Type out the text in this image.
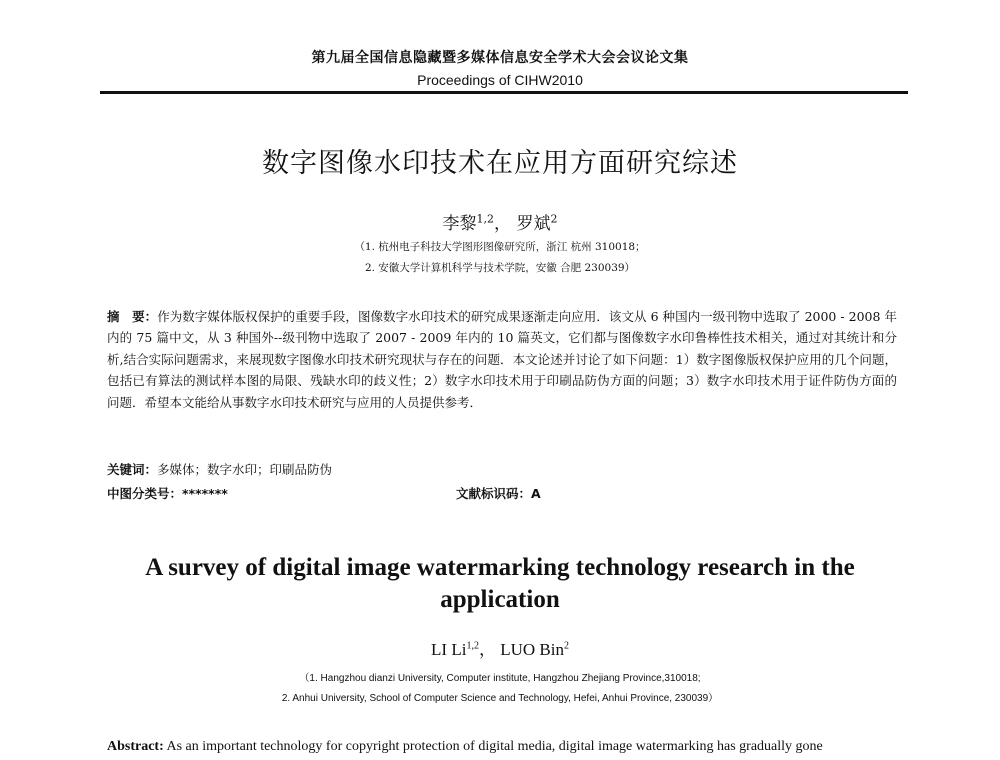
第九届全国信息隐藏暨多媒体信息安全学术大会会议论文集
Proceedings of CIHW2010
数字图像水印技术在应用方面研究综述
李黎$^{1,2}$， 罗斌$^2$
（1. 杭州电子科技大学图形图像研究所，浙江 杭州 310018；
2. 安徽大学计算机科学与技术学院，安徽 合肥 230039）
摘　要：作为数字媒体版权保护的重要手段，图像数字水印技术的研究成果逐渐走向应用．该文从 6 种国内一级刊物中选取了 2000 - 2008 年内的 75 篇中文，从 3 种国外--级刊物中选取了 2007 - 2009 年内的 10 篇英文，它们都与图像数字水印鲁棒性技术相关，通过对其统计和分析,结合实际问题需求，来展现数字图像水印技术研究现状与存在的问题．本文论述并讨论了如下问题：1）数字图像版权保护应用的几个问题，包括已有算法的测试样本图的局限、残缺水印的歧义性；2）数字水印技术用于印刷品防伪方面的问题；3）数字水印技术用于证件防伪方面的问题．希望本文能给从事数字水印技术研究与应用的人员提供参考．
关键词：多媒体；数字水印；印刷品防伪
中图分类号：*******	文献标识码：A
A survey of digital image watermarking technology research in the application
LI Li$^{1,2}$， LUO Bin$^2$
（1. Hangzhou dianzi University, Computer institute, Hangzhou Zhejiang Province,310018;
2. Anhui University, School of Computer Science and Technology, Hefei, Anhui Province, 230039）
Abstract: As an important technology for copyright protection of digital media, digital image watermarking has gradually gone
